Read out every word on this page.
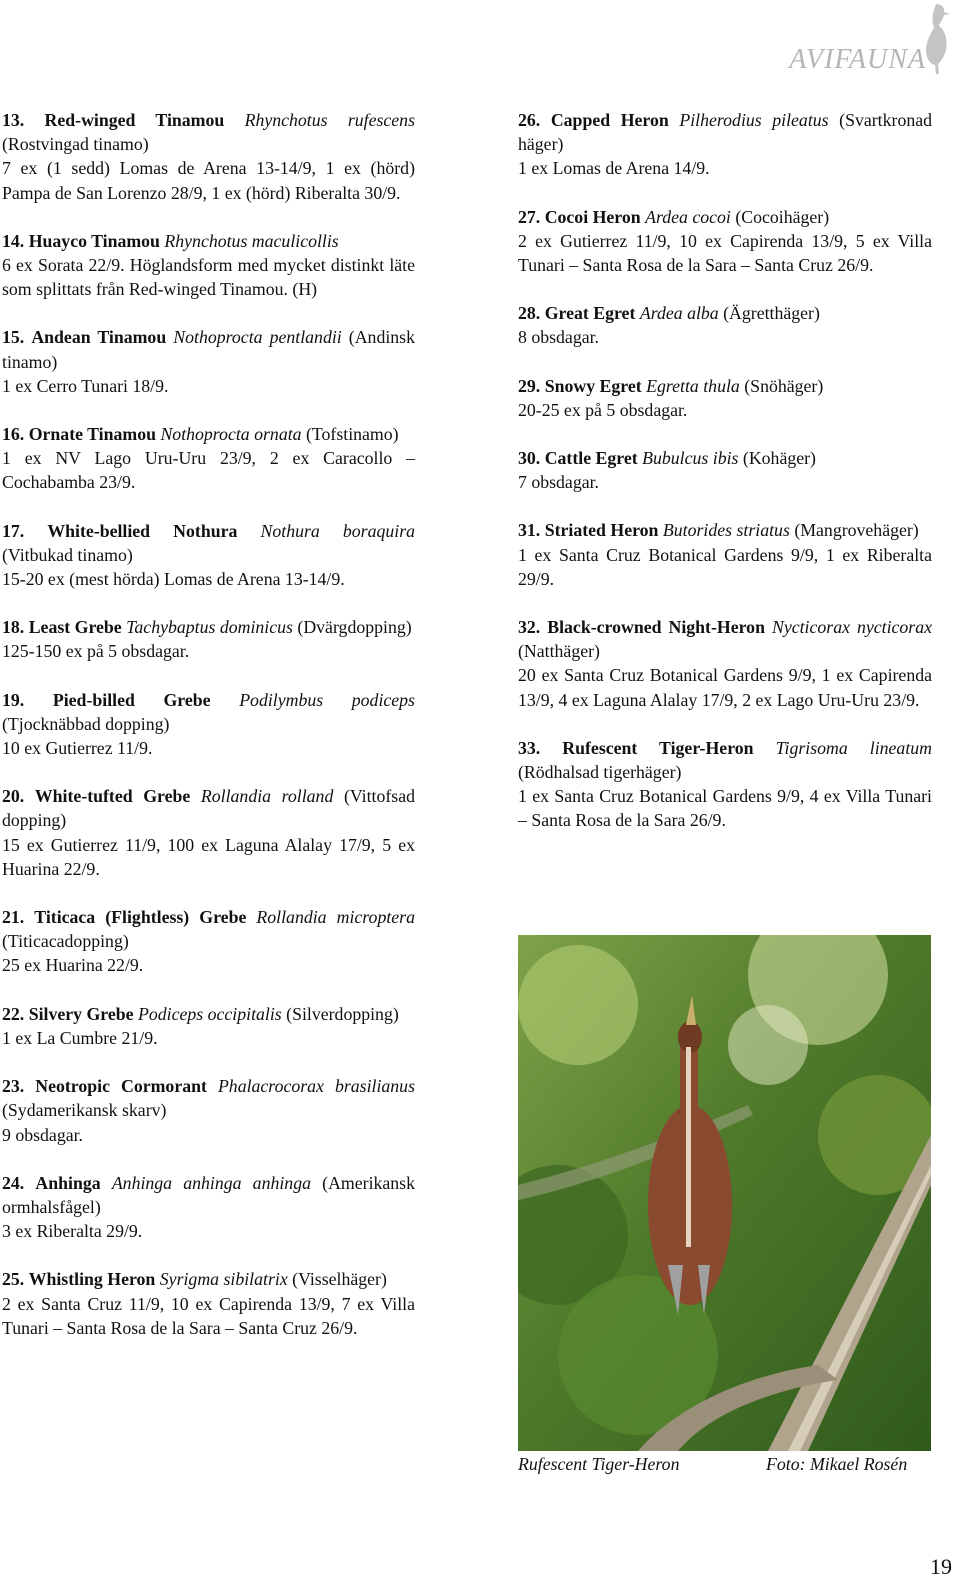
AVIFAUNA

13. Red-winged Tinamou Rhynchotus rufescens (Rostvingad tinamo)

7 ex (1 sedd) Lomas de Arena 13-14/9, 1 ex (hörd) Pampa de San Lorenzo 28/9, 1 ex (hörd) Riberalta 30/9.

14. Huayco Tinamou Rhynchotus maculicollis

6 ex Sorata 22/9. Höglandsform med mycket distinkt läte som splittats från Red-winged Tinamou. (H)

15. Andean Tinamou Nothoprocta pentlandii (Andinsk tinamo)

1 ex Cerro Tunari 18/9.

16. Ornate Tinamou Nothoprocta ornata (Tofstinamo)

1 ex NV Lago Uru-Uru 23/9, 2 ex Caracollo – Cochabamba 23/9.

17. White-bellied Nothura Nothura boraquira (Vitbukad tinamo)

15-20 ex (mest hörda) Lomas de Arena 13-14/9.

18. Least Grebe Tachybaptus dominicus (Dvärgdopping)

125-150 ex på 5 obsdagar.

19. Pied-billed Grebe Podilymbus podiceps (Tjocknäbbad dopping)

10 ex Gutierrez 11/9.

20. White-tufted Grebe Rollandia rolland (Vittofsad dopping)

15 ex Gutierrez 11/9, 100 ex Laguna Alalay 17/9, 5 ex Huarina 22/9.

21. Titicaca (Flightless) Grebe Rollandia microptera (Titicacadopping)

25 ex Huarina 22/9.

22. Silvery Grebe Podiceps occipitalis (Silverdopping)

1 ex La Cumbre 21/9.

23. Neotropic Cormorant Phalacrocorax brasilianus (Sydamerikansk skarv)

9 obsdagar.

24. Anhinga Anhinga anhinga anhinga (Amerikansk ormhalsfågel)

3 ex Riberalta 29/9.

25. Whistling Heron Syrigma sibilatrix (Visselhäger)

2 ex Santa Cruz 11/9, 10 ex Capirenda 13/9, 7 ex Villa Tunari – Santa Rosa de la Sara – Santa Cruz 26/9.

26. Capped Heron Pilherodius pileatus (Svartkronad häger)

1 ex Lomas de Arena 14/9.

27. Cocoi Heron Ardea cocoi (Cocoihäger)

2 ex Gutierrez 11/9, 10 ex Capirenda 13/9, 5 ex Villa Tunari – Santa Rosa de la Sara – Santa Cruz 26/9.

28. Great Egret Ardea alba (Ägretthäger)

8 obsdagar.

29. Snowy Egret Egretta thula (Snöhäger)

20-25 ex på 5 obsdagar.

30. Cattle Egret Bubulcus ibis (Kohäger)

7 obsdagar.

31. Striated Heron Butorides striatus (Mangrovehäger)

1 ex Santa Cruz Botanical Gardens 9/9, 1 ex Riberalta 29/9.

32. Black-crowned Night-Heron Nycticorax nycticorax (Natthäger)

20 ex Santa Cruz Botanical Gardens 9/9, 1 ex Capirenda 13/9, 4 ex Laguna Alalay 17/9, 2 ex Lago Uru-Uru 23/9.

33. Rufescent Tiger-Heron Tigrisoma lineatum (Rödhalsad tigerhäger)

1 ex Santa Cruz Botanical Gardens 9/9, 4 ex Villa Tunari – Santa Rosa de la Sara 26/9.

Rufescent Tiger-Heron	Foto: Mikael Rosén
19
